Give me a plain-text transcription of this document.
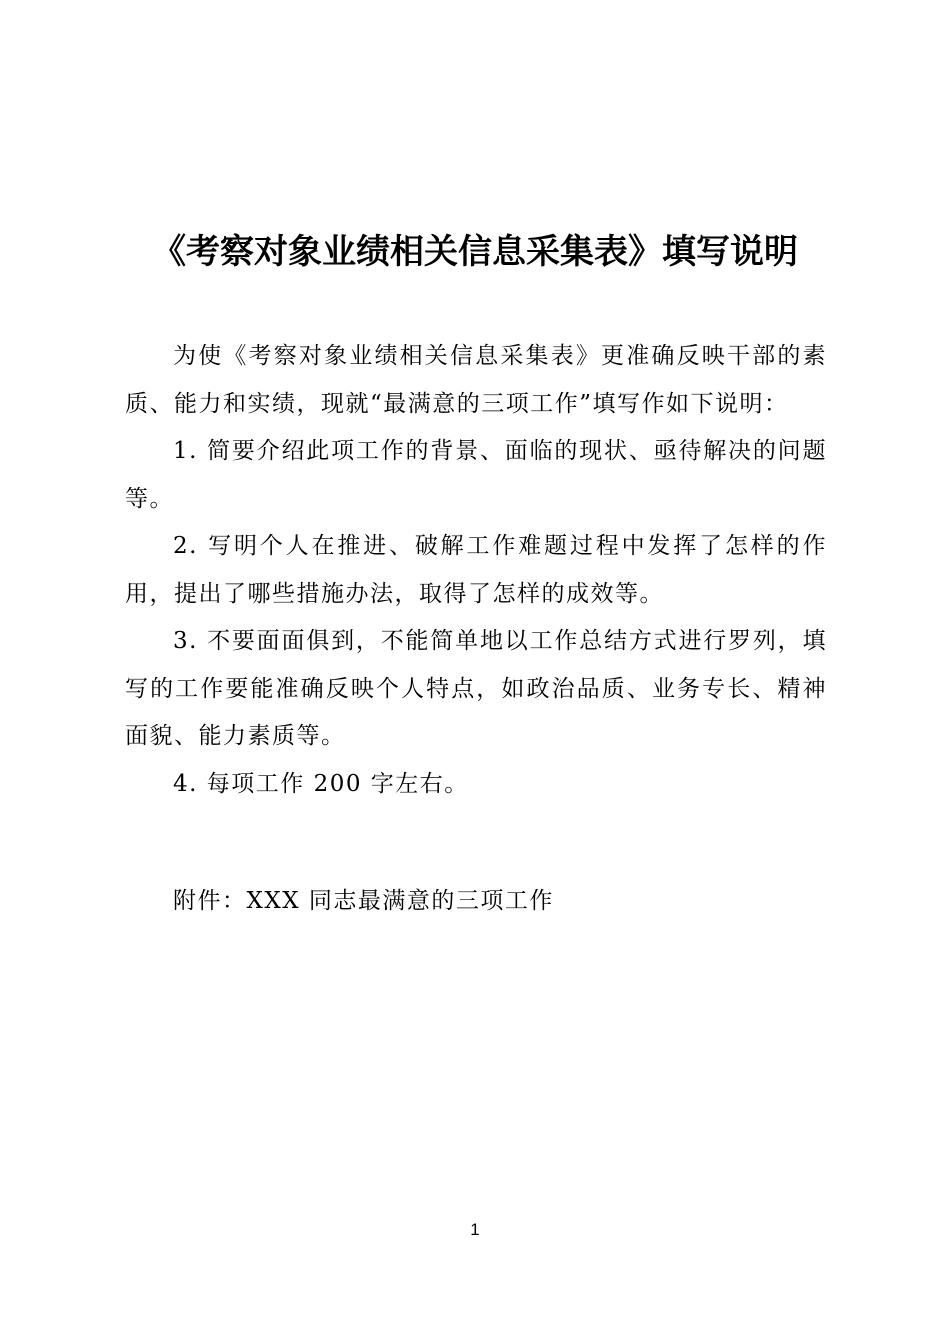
《考察对象业绩相关信息采集表》填写说明

为使《考察对象业绩相关信息采集表》更准确反映干部的素质、能力和实绩，现就“最满意的三项工作”填写作如下说明：

1. 简要介绍此项工作的背景、面临的现状、亟待解决的问题等。

2. 写明个人在推进、破解工作难题过程中发挥了怎样的作用，提出了哪些措施办法，取得了怎样的成效等。

3. 不要面面俱到，不能简单地以工作总结方式进行罗列，填写的工作要能准确反映个人特点，如政治品质、业务专长、精神面貌、能力素质等。

4. 每项工作 200 字左右。

附件：XXX 同志最满意的三项工作
1
